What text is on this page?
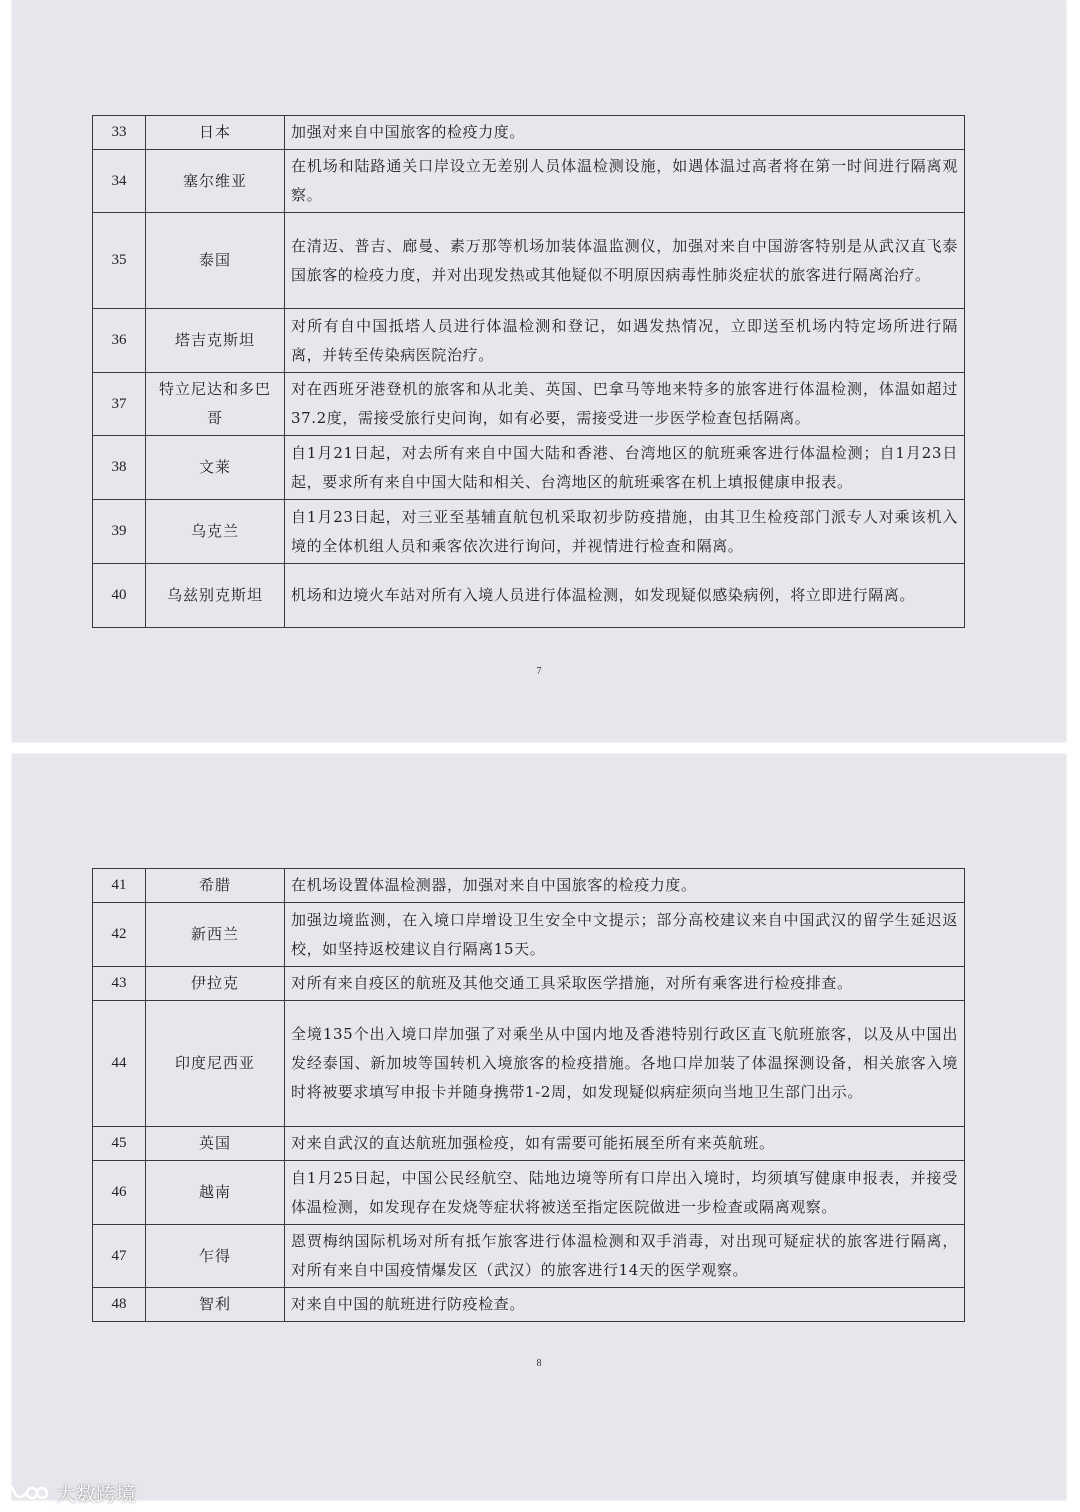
33	日本	加强对来自中国旅客的检疫力度。
34	塞尔维亚	在机场和陆路通关口岸设立无差别人员体温检测设施，如遇体温过高者将在第一时间进行隔离观察。
35	泰国	在清迈、普吉、廊曼、素万那等机场加装体温监测仪，加强对来自中国游客特别是从武汉直飞泰国旅客的检疫力度，并对出现发热或其他疑似不明原因病毒性肺炎症状的旅客进行隔离治疗。
36	塔吉克斯坦	对所有自中国抵塔人员进行体温检测和登记，如遇发热情况，立即送至机场内特定场所进行隔离，并转至传染病医院治疗。
37	特立尼达和多巴哥	对在西班牙港登机的旅客和从北美、英国、巴拿马等地来特多的旅客进行体温检测，体温如超过37.2度，需接受旅行史问询，如有必要，需接受进一步医学检查包括隔离。
38	文莱	自1月21日起，对去所有来自中国大陆和香港、台湾地区的航班乘客进行体温检测；自1月23日起，要求所有来自中国大陆和相关、台湾地区的航班乘客在机上填报健康申报表。
39	乌克兰	自1月23日起，对三亚至基辅直航包机采取初步防疫措施，由其卫生检疫部门派专人对乘该机入境的全体机组人员和乘客依次进行询问，并视情进行检查和隔离。
40	乌兹别克斯坦	机场和边境火车站对所有入境人员进行体温检测，如发现疑似感染病例，将立即进行隔离。
7
41	希腊	在机场设置体温检测器，加强对来自中国旅客的检疫力度。
42	新西兰	加强边境监测，在入境口岸增设卫生安全中文提示；部分高校建议来自中国武汉的留学生延迟返校，如坚持返校建议自行隔离15天。
43	伊拉克	对所有来自疫区的航班及其他交通工具采取医学措施，对所有乘客进行检疫排查。
44	印度尼西亚	全境135个出入境口岸加强了对乘坐从中国内地及香港特别行政区直飞航班旅客，以及从中国出发经泰国、新加坡等国转机入境旅客的检疫措施。各地口岸加装了体温探测设备，相关旅客入境时将被要求填写申报卡并随身携带1-2周，如发现疑似病症须向当地卫生部门出示。
45	英国	对来自武汉的直达航班加强检疫，如有需要可能拓展至所有来英航班。
46	越南	自1月25日起，中国公民经航空、陆地边境等所有口岸出入境时，均须填写健康申报表，并接受体温检测，如发现存在发烧等症状将被送至指定医院做进一步检查或隔离观察。
47	乍得	恩贾梅纳国际机场对所有抵乍旅客进行体温检测和双手消毒，对出现可疑症状的旅客进行隔离，对所有来自中国疫情爆发区（武汉）的旅客进行14天的医学观察。
48	智利	对来自中国的航班进行防疫检查。
8
大数跨境
